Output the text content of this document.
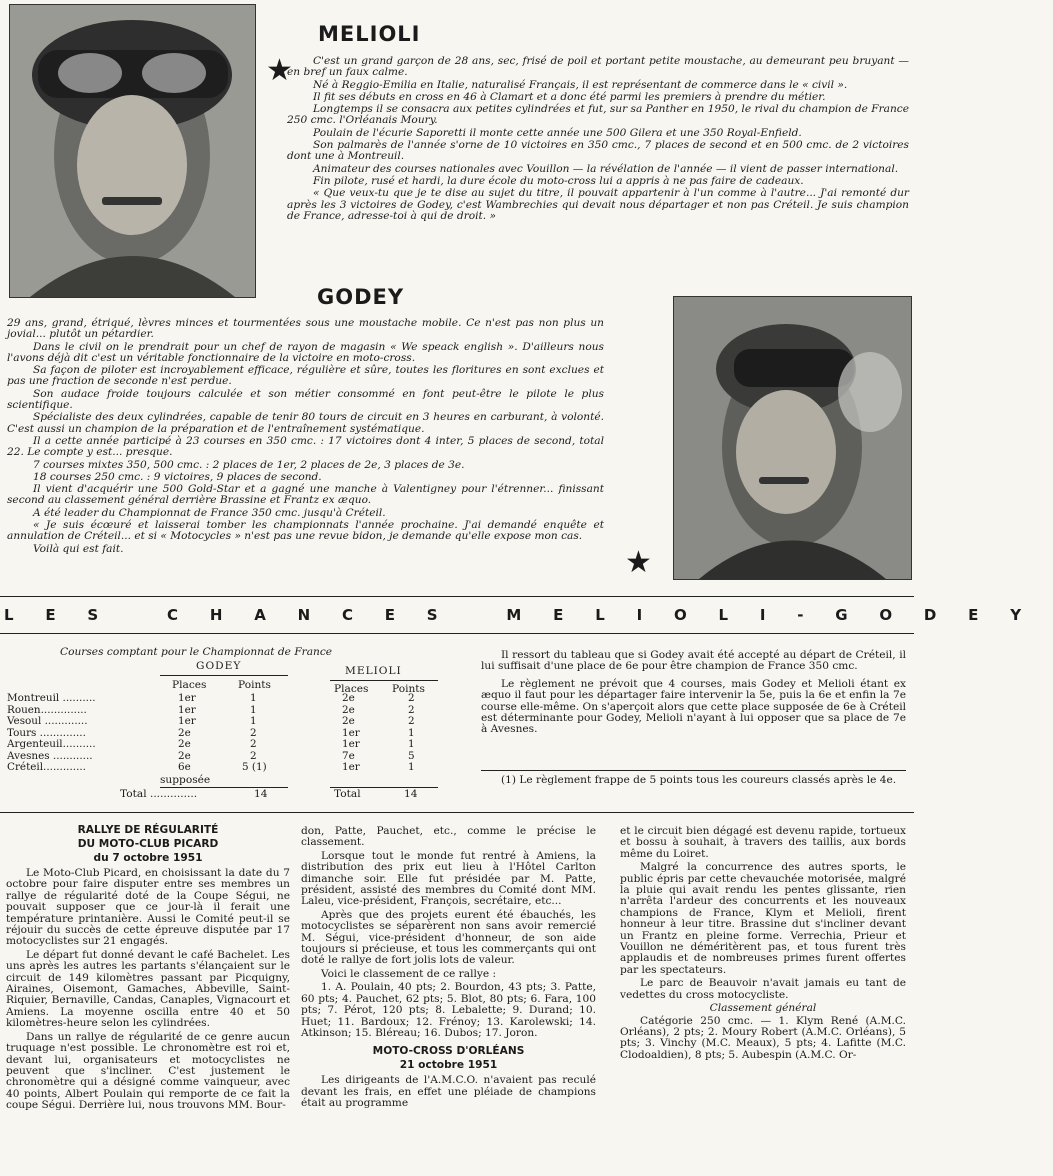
MELIOLI
★	C'est un grand garçon de 28 ans, sec, frisé de poil et portant petite moustache, au demeurant peu bruyant — en bref un faux calme.

Né à Reggio-Emilia en Italie, naturalisé Français, il est représentant de commerce dans le « civil ».

Il fit ses débuts en cross en 46 à Clamart et a donc été parmi les premiers à prendre du métier.

Longtemps il se consacra aux petites cylindrées et fut, sur sa Panther en 1950, le rival du champion de France 250 cmc. l'Orléanais Moury.

Poulain de l'écurie Saporetti il monte cette année une 500 Gilera et une 350 Royal-Enfield.

Son palmarès de l'année s'orne de 10 victoires en 350 cmc., 7 places de second et en 500 cmc. de 2 victoires dont une à Montreuil.

Animateur des courses nationales avec Vouillon — la révélation de l'année — il vient de passer international.

Fin pilote, rusé et hardi, la dure école du moto-cross lui a appris à ne pas faire de cadeaux.

« Que veux-tu que je te dise au sujet du titre, il pouvait appartenir à l'un comme à l'autre... J'ai remonté dur après les 3 victoires de Godey, c'est Wambrechies qui devait nous départager et non pas Créteil. Je suis champion de France, adresse-toi à qui de droit. »

GODEY

29 ans, grand, étriqué, lèvres minces et tourmentées sous une moustache mobile. Ce n'est pas non plus un jovial... plutôt un pétardier.

Dans le civil on le prendrait pour un chef de rayon de magasin « We speack english ». D'ailleurs nous l'avons déjà dit c'est un véritable fonctionnaire de la victoire en moto-cross.

Sa façon de piloter est incroyablement efficace, régulière et sûre, toutes les floritures en sont exclues et pas une fraction de seconde n'est perdue.

Son audace froide toujours calculée et son métier consommé en font peut-être le pilote le plus scientifique.

Spécialiste des deux cylindrées, capable de tenir 80 tours de circuit en 3 heures en carburant, à volonté. C'est aussi un champion de la préparation et de l'entraînement systématique.

Il a cette année participé à 23 courses en 350 cmc. : 17 victoires dont 4 inter, 5 places de second, total 22. Le compte y est... presque.

7 courses mixtes 350, 500 cmc. : 2 places de 1er, 2 places de 2e, 3 places de 3e.

18 courses 250 cmc. : 9 victoires, 9 places de second.

Il vient d'acquérir une 500 Gold-Star et a gagné une manche à Valentigney pour l'étrenner... finissant second au classement général derrière Brassine et Frantz ex æquo.

A été leader du Championnat de France 350 cmc. jusqu'à Créteil.

« Je suis écœuré et laisserai tomber les championnats l'année prochaine. J'ai demandé enquête et annulation de Créteil... et si « Motocycles » n'est pas une revue bidon, je demande qu'elle expose mon cas.

Voilà qui est fait.	★
LES CHANCES MELIOLI-GODEY
Courses comptant pour le Championnat de France
GODEY	MELIOLI
Places	Points	Places Points
Montreuil ..........	1er	1	2e	2
Rouen..............	1er	1	2e	2
Vesoul .............	1er	1	2e	2
Tours ..............	2e	2	1er	1
Argenteuil..........	2e	2	1er	1
Avesnes ............	2e	2	7e	5
Créteil.............	6e	5 (1)	1er	1
supposée
Total ..............	14	Total	14

Il ressort du tableau que si Godey avait été accepté au départ de Créteil, il lui suffisait d'une place de 6e pour être champion de France 350 cmc.

Le règlement ne prévoit que 4 courses, mais Godey et Melioli étant ex æquo il faut pour les départager faire intervenir la 5e, puis la 6e et enfin la 7e course elle-même. On s'aperçoit alors que cette place supposée de 6e à Créteil est déterminante pour Godey, Melioli n'ayant à lui opposer que sa place de 7e à Avesnes.

(1) Le règlement frappe de 5 points tous les coureurs classés après le 4e.

RALLYE DE RÉGULARITÉ

DU MOTO-CLUB PICARD

du 7 octobre 1951

Le Moto-Club Picard, en choisissant la date du 7 octobre pour faire disputer entre ses membres un rallye de régularité doté de la Coupe Ségui, ne pouvait supposer que ce jour-là il ferait une température printanière. Aussi le Comité peut-il se réjouir du succès de cette épreuve disputée par 17 motocyclistes sur 21 engagés.

Le départ fut donné devant le café Bachelet. Les uns après les autres les partants s'élançaient sur le circuit de 149 kilomètres passant par Picquigny, Airaines, Oisemont, Gamaches, Abbeville, Saint-Riquier, Bernaville, Candas, Canaples, Vignacourt et Amiens. La moyenne oscilla entre 40 et 50 kilomètres-heure selon les cylindrées.

Dans un rallye de régularité de ce genre aucun truquage n'est possible. Le chronomètre est roi et, devant lui, organisateurs et motocyclistes ne peuvent que s'incliner. C'est justement le chronomètre qui a désigné comme vainqueur, avec 40 points, Albert Poulain qui remporte de ce fait la coupe Ségui. Derrière lui, nous trouvons MM. Bour-

don, Patte, Pauchet, etc., comme le précise le classement.

Lorsque tout le monde fut rentré à Amiens, la distribution des prix eut lieu à l'Hôtel Carlton dimanche soir. Elle fut présidée par M. Patte, président, assisté des membres du Comité dont MM. Laleu, vice-président, François, secrétaire, etc...

Après que des projets eurent été ébauchés, les motocyclistes se séparèrent non sans avoir remercié M. Ségui, vice-président d'honneur, de son aide toujours si précieuse, et tous les commerçants qui ont doté le rallye de fort jolis lots de valeur.

Voici le classement de ce rallye :

1. A. Poulain, 40 pts; 2. Bourdon, 43 pts; 3. Patte, 60 pts; 4. Pauchet, 62 pts; 5. Blot, 80 pts; 6. Fara, 100 pts; 7. Pérot, 120 pts; 8. Lebalette; 9. Durand; 10. Huet; 11. Bardoux; 12. Frénoy; 13. Karolewski; 14. Atkinson; 15. Bléreau; 16. Dubos; 17. Joron.

MOTO-CROSS D'ORLÉANS

21 octobre 1951

Les dirigeants de l'A.M.C.O. n'avaient pas reculé devant les frais, en effet une pléiade de champions était au programme

et le circuit bien dégagé est devenu rapide, tortueux et bossu à souhait, à travers des taillis, aux bords même du Loiret.

Malgré la concurrence des autres sports, le public épris par cette chevauchée motorisée, malgré la pluie qui avait rendu les pentes glissante, rien n'arrêta l'ardeur des concurrents et les nouveaux champions de France, Klym et Melioli, firent honneur à leur titre. Brassine dut s'incliner devant un Frantz en pleine forme. Verrechia, Prieur et Vouillon ne déméritèrent pas, et tous furent très applaudis et de nombreuses primes furent offertes par les spectateurs.

Le parc de Beauvoir n'avait jamais eu tant de vedettes du cross motocycliste.

Classement général

Catégorie 250 cmc. — 1. Klym René (A.M.C. Orléans), 2 pts; 2. Moury Robert (A.M.C. Orléans), 5 pts; 3. Vinchy (M.C. Meaux), 5 pts; 4. Lafitte (M.C. Clodoaldien), 8 pts; 5. Aubespin (A.M.C. Or-
